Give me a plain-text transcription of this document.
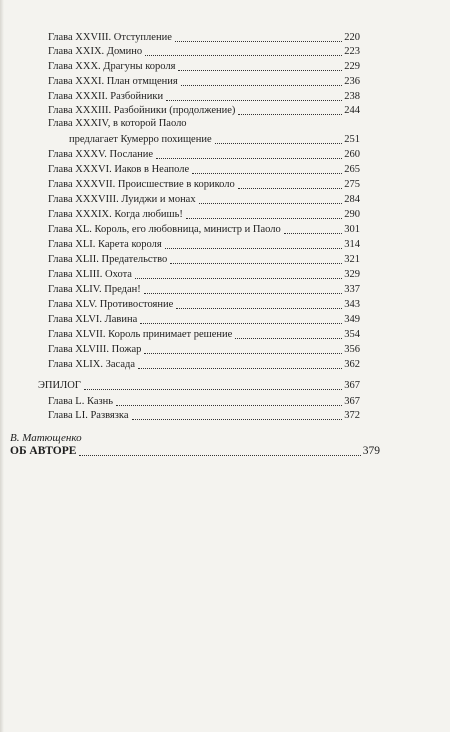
Глава XXVIII. Отступление	220
Глава XXIX. Домино	223
Глава XXX. Драгуны короля	229
Глава XXXI. План отмщения	236
Глава XXXII. Разбойники	238
Глава XXXIII. Разбойники (продолжение)	244
Глава XXXIV, в которой Паоло
предлагает Кумерро похищение	251
Глава XXXV. Послание	260
Глава XXXVI. Иаков в Неаполе	265
Глава XXXVII. Происшествие в кориколо	275
Глава XXXVIII. Луиджи и монах	284
Глава XXXIX. Когда любишь!	290
Глава XL. Король, его любовница, министр и Паоло	301
Глава XLI. Карета короля	314
Глава XLII. Предательство	321
Глава XLIII. Охота	329
Глава XLIV. Предан!	337
Глава XLV. Противостояние	343
Глава XLVI. Лавина	349
Глава XLVII. Король принимает решение	354
Глава XLVIII. Пожар	356
Глава XLIX. Засада	362
ЭПИЛОГ	367
Глава L. Казнь	367
Глава LI. Развязка	372
В. Матющенко
ОБ АВТОРЕ	379
